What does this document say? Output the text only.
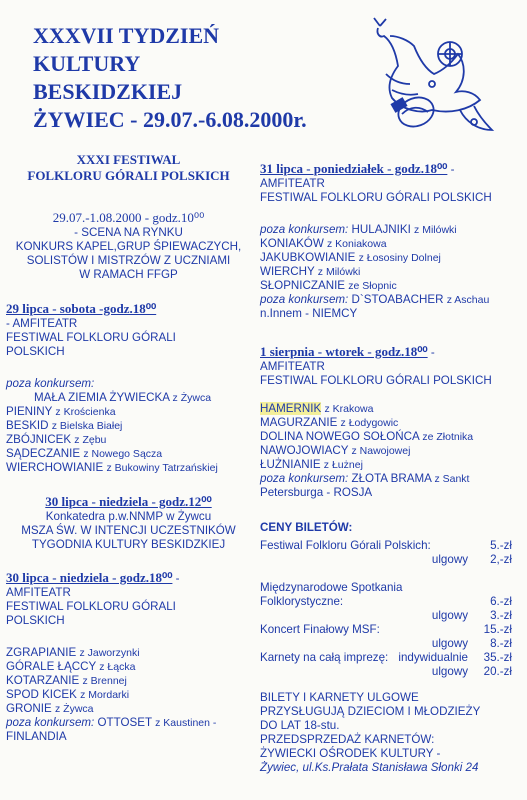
XXXVII TYDZIEŃ
KULTURY
BESKIDZKIEJ
ŻYWIEC - 29.07.-6.08.2000r.
XXXI FESTIWAL
FOLKLORU GÓRALI POLSKICH
29.07.-1.08.2000 - godz.10⁰⁰
- SCENA NA RYNKU
KONKURS KAPEL,GRUP ŚPIEWACZYCH,
SOLISTÓW I MISTRZÓW Z UCZNIAMI
W RAMACH FFGP
29 lipca - sobota -godz.18⁰⁰
- AMFITEATR
FESTIWAL FOLKLORU GÓRALI
POLSKICH
poza konkursem:
MAŁA ZIEMIA ŻYWIECKA z Żywca
PIENINY z Krościenka
BESKID z Bielska Białej
ZBÓJNICEK z Zębu
SĄDECZANIE z Nowego Sącza
WIERCHOWIANIE z Bukowiny Tatrzańskiej
30 lipca - niedziela - godz.12⁰⁰
Konkatedra p.w.NNMP w Żywcu
MSZA ŚW. W INTENCJI UCZESTNIKÓW
TYGODNIA KULTURY BESKIDZKIEJ
30 lipca - niedziela - godz.18⁰⁰ -
AMFITEATR
FESTIWAL FOLKLORU GÓRALI
POLSKICH
ZGRAPIANIE z Jaworzynki
GÓRALE ŁĄCCY z Łącka
KOTARZANIE z Brennej
SPOD KICEK z Mordarki
GRONIE z Żywca
poza konkursem: OTTOSET z Kaustinen -
FINLANDIA
31 lipca - poniedziałek - godz.18⁰⁰ -
AMFITEATR
FESTIWAL FOLKLORU GÓRALI POLSKICH
poza konkursem: HULAJNIKI z Milówki
KONIAKÓW z Koniakowa
JAKUBKOWIANIE z Łososiny Dolnej
WIERCHY z Milówki
SŁOPNICZANIE ze Słopnic
poza konkursem: D`STOABACHER z Aschau
n.Innem - NIEMCY
1 sierpnia - wtorek - godz.18⁰⁰ -
AMFITEATR
FESTIWAL FOLKLORU GÓRALI POLSKICH
HAMERNIK z Krakowa
MAGURZANIE z Łodygowic
DOLINA NOWEGO SOŁOŃCA ze Złotnika
NAWOJOWIACY z Nawojowej
ŁUŻNIANIE z Łużnej
poza konkursem: ZŁOTA BRAMA z Sankt
Petersburga - ROSJA
CENY BILETÓW:
Festiwal Folkloru Górali Polskich:	5.-zł
ulgowy	2,-zł
Międzynarodowe Spotkania
Folklorystyczne:	6.-zł
ulgowy	3.-zł
Koncert Finałowy MSF:	15.-zł
ulgowy	8.-zł
Karnety na całą imprezę: indywidualnie	35.-zł
ulgowy	20.-zł
BILETY I KARNETY ULGOWE
PRZYSŁUGUJĄ DZIECIOM I MŁODZIEŻY
DO LAT 18-stu.
PRZEDSPRZEDAŻ KARNETÓW:
ŻYWIECKI OŚRODEK KULTURY -
Żywiec, ul.Ks.Prałata Stanisława Słonki 24
